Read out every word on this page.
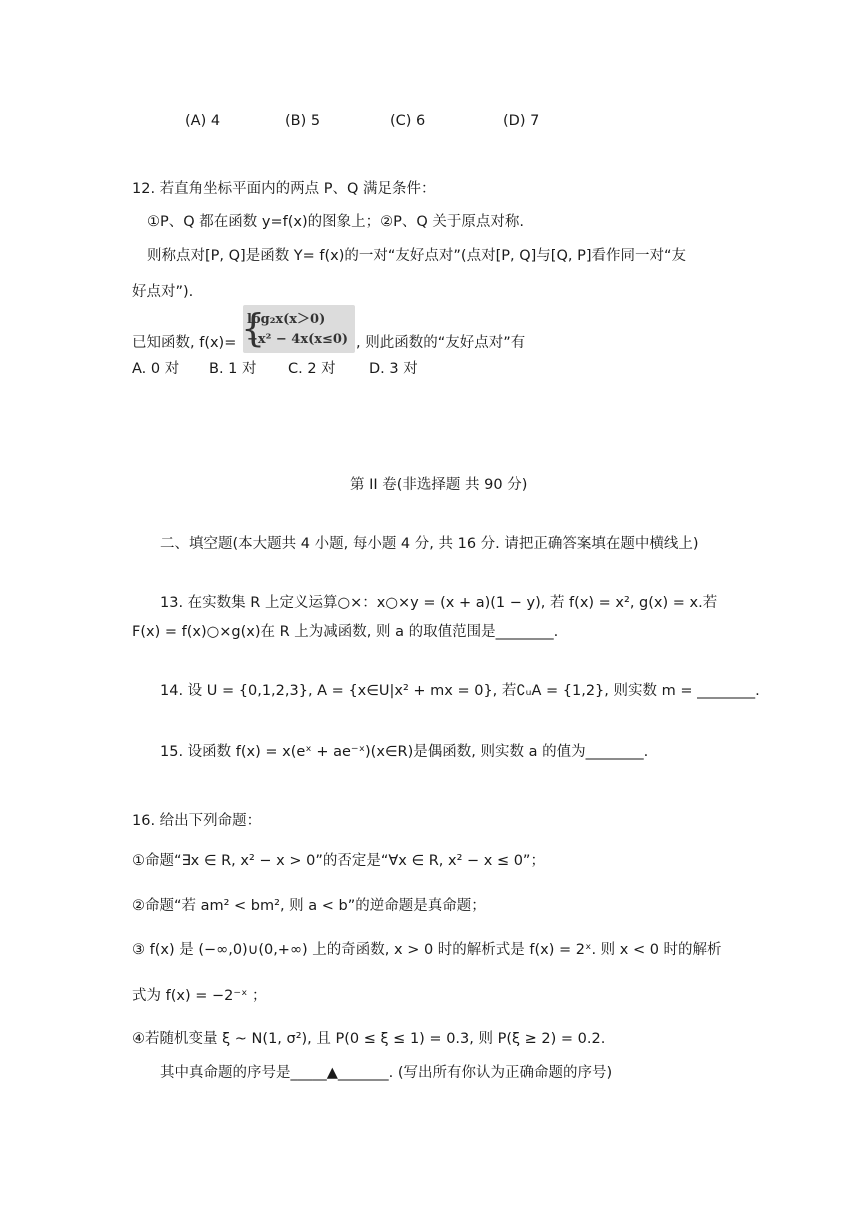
(A) 4	(B) 5	(C) 6	(D) 7
12. 若直角坐标平面内的两点 P、Q 满足条件：
①P、Q 都在函数 y=f(x)的图象上；②P、Q 关于原点对称.
则称点对[P, Q]是函数 Y= f(x)的一对“友好点对”(点对[P, Q]与[Q, P]看作同一对“友
好点对”).
已知函数, f(x)= {
log₂x(x＞0)
−x² − 4x(x≤0) , 则此函数的“友好点对”有
A. 0 对 B. 1 对 C. 2 对 D. 3 对
第 II 卷(非选择题 共 90 分)
二、填空题(本大题共 4 小题, 每小题 4 分, 共 16 分. 请把正确答案填在题中横线上)
13. 在实数集 R 上定义运算○×：x○×y = (x + a)(1 − y), 若 f(x) = x², g(x) = x.若
F(x) = f(x)○×g(x)在 R 上为减函数, 则 a 的取值范围是________.
14. 设 U = {0,1,2,3}, A = {x∈U|x² + mx = 0}, 若∁ᵤA = {1,2}, 则实数 m = ________.
15. 设函数 f(x) = x(eˣ + ae⁻ˣ)(x∈R)是偶函数, 则实数 a 的值为________.
16. 给出下列命题：
①命题“∃x ∈ R, x² − x > 0”的否定是“∀x ∈ R, x² − x ≤ 0”；
②命题“若 am² < bm², 则 a < b”的逆命题是真命题；
③ f(x) 是 (−∞,0)∪(0,+∞) 上的奇函数, x > 0 时的解析式是 f(x) = 2ˣ. 则 x < 0 时的解析
式为 f(x) = −2⁻ˣ ；
④若随机变量 ξ ~ N(1, σ²), 且 P(0 ≤ ξ ≤ 1) = 0.3, 则 P(ξ ≥ 2) = 0.2.
其中真命题的序号是_____▲_______. (写出所有你认为正确命题的序号)
